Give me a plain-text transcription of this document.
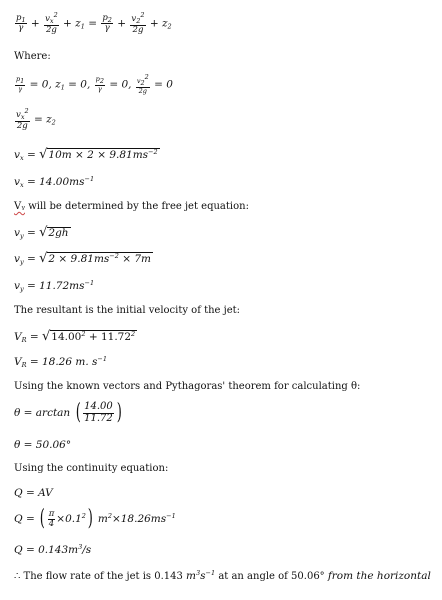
$\frac{p_1}{\gamma} + \frac{v_x^2}{2g} + z_1 = \frac{p_2}{\gamma} + \frac{v_2^2}{2g} + z_2$
Where:
$\frac{p1}{\gamma} = 0$, $z_1 = 0$, $\frac{p2}{\gamma} = 0$, $\frac{v22}{2g} = 0$
$\frac{v_x^2}{2g} = z_2$
$v_x = √10m \times 2 \times 9.81ms^{-2}$
$v_x = 14.00ms^{-1}$
Vᵧ will be determined by the free jet equation:
$v_y = √2gh$
$v_y = √2 \times 9.81ms^{-2} \times 7m$
$v_y = 11.72ms^{-1}$
The resultant is the initial velocity of the jet:
$V_R = √14.00^2 + 11.72^2$
$V_R = 18.26$ m. $s^{-1}$
Using the known vectors and Pythagoras' theorem for calculating θ:
θ = arctan ( $\frac{14.00}{11.72}$ )
θ = 50.06°
Using the continuity equation:
Q = AV
Q = ( $\frac{\pi}{4} \times 0.1^2$) $m^2\times 18.26ms^{-1}$
$Q = 0.143m^3/s$
∴ The flow rate of the jet is 0.143 $m^3s^{-1}$ at an angle of 50.06° from the horizontal
